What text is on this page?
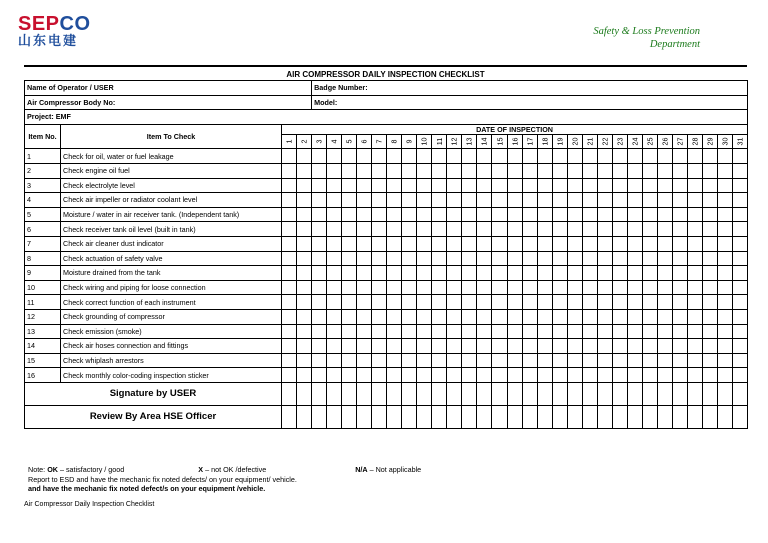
SEPCO
山东电建
Safety & Loss Prevention
Department
AIR COMPRESSOR DAILY INSPECTION CHECKLIST
Name of Operator / USER				Badge Number:																												
Air Compressor Body No:				Model:																												
Project: EMF																																
Item No.	Item To Check	DATE OF INSPECTION																														
		1	2	3	4	5	6	7	8	9	10	11	12	13	14	15	16	17	18	19	20	21	22	23	24	25	26	27	28	29	30	31
1	Check for oil, water or fuel leakage																															
2	Check engine oil fuel																															
3	Check electrolyte level																															
4	Check air impeller or radiator coolant level																															
5	Moisture / water in air receiver tank. (Independent tank)																															
6	Check receiver tank oil level (built in tank)																															
7	Check air cleaner dust indicator																															
8	Check actuation of safety valve																															
9	Moisture drained from the tank																															
10	Check wiring and piping for loose connection																															
11	Check correct function of each instrument																															
12	Check grounding of compressor																															
13	Check emission (smoke)																															
14	Check air hoses connection and fittings																															
15	Check whiplash arrestors																															
16	Check monthly color-coding inspection sticker																															
Signature by USER																																
Review By Area HSE Officer																																
Note: OK – satisfactory / good	X – not OK /defective	N/A – Not applicable
Report to ESD and have the mechanic fix noted defects/ on your equipment/ vehicle.
and have the mechanic fix noted defect/s on your equipment /vehicle.
Air Compressor Daily Inspection Checklist
